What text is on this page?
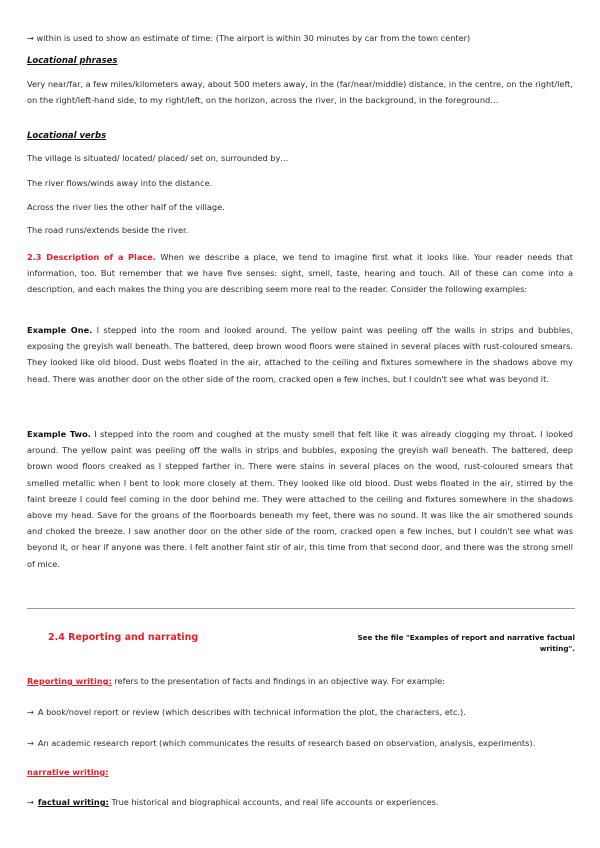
→ within is used to show an estimate of time: (The airport is within 30 minutes by car from the town center)
Locational phrases

Very near/far, a few miles/kilometers away, about 500 meters away, in the (far/near/middle) distance, in the centre, on the right/left, on the right/left-hand side, to my right/left, on the horizon, across the river, in the background, in the foreground…

Locational verbs
The village is situated/ located/ placed/ set on, surrounded by…
The river flows/winds away into the distance.
Across the river lies the other half of the village.
The road runs/extends beside the river.

2.3 Description of a Place. When we describe a place, we tend to imagine first what it looks like. Your reader needs that information, too. But remember that we have five senses: sight, smell, taste, hearing and touch. All of these can come into a description, and each makes the thing you are describing seem more real to the reader. Consider the following examples:

Example One. I stepped into the room and looked around. The yellow paint was peeling off the walls in strips and bubbles, exposing the greyish wall beneath. The battered, deep brown wood floors were stained in several places with rust-coloured smears. They looked like old blood. Dust webs floated in the air, attached to the ceiling and fixtures somewhere in the shadows above my head. There was another door on the other side of the room, cracked open a few inches, but I couldn't see what was beyond it.

Example Two. I stepped into the room and coughed at the musty smell that felt like it was already clogging my throat. I looked around. The yellow paint was peeling off the walls in strips and bubbles, exposing the greyish wall beneath. The battered, deep brown wood floors creaked as I stepped farther in. There were stains in several places on the wood, rust-coloured smears that smelled metallic when I bent to look more closely at them. They looked like old blood. Dust webs floated in the air, stirred by the faint breeze I could feel coming in the door behind me. They were attached to the ceiling and fixtures somewhere in the shadows above my head. Save for the groans of the floorboards beneath my feet, there was no sound. It was like the air smothered sounds and choked the breeze. I saw another door on the other side of the room, cracked open a few inches, but I couldn't see what was beyond it, or hear if anyone was there. I felt another faint stir of air, this time from that second door, and there was the strong smell of mice.

2.4 Reporting and narrating	See the file "Examples of report and narrative factual writing".
Reporting writing: refers to the presentation of facts and findings in an objective way. For example:
→ A book/novel report or review (which describes with technical information the plot, the characters, etc.).
→ An academic research report (which communicates the results of research based on observation, analysis, experiments).
narrative writing:
→ factual writing: True historical and biographical accounts, and real life accounts or experiences.
